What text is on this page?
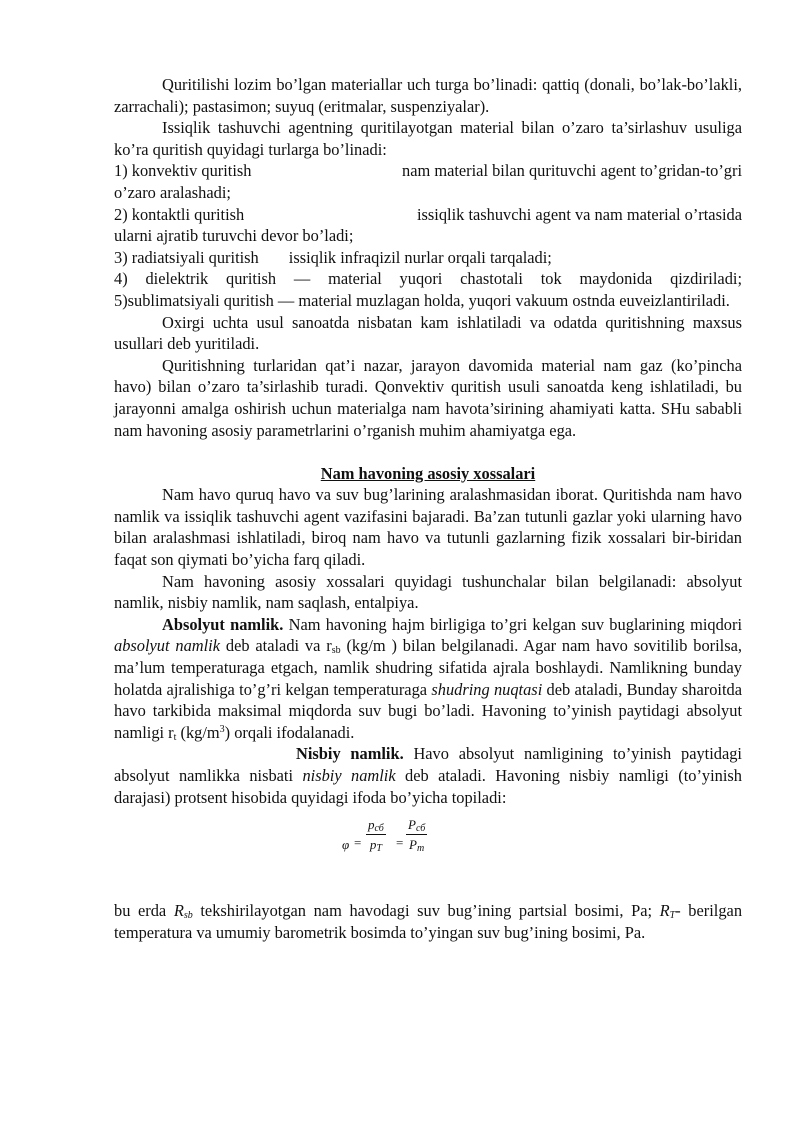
Quritilishi lozim bo’lgan materiallar uch turga bo’linadi: qattiq (donali, bo’lak-bo’lakli, zarrachali); pastasimon; suyuq (eritmalar, suspenziyalar).

Issiqlik tashuvchi agentning quritilayotgan material bilan o’zaro ta’sirlashuv usuliga ko’ra quritish quyidagi turlarga bo’linadi:

1) konvektiv quritish	nam material bilan qurituvchi agent to’gridan-to’gri
o’zaro aralashadi;
2) kontaktli quritish	issiqlik tashuvchi agent va nam material o’rtasida
ularni ajratib turuvchi devor bo’ladi;
3) radiatsiyali quritish issiqlik infraqizil nurlar orqali tarqaladi;
4) dielektrik quritish — material yuqori chastotali tok maydonida qizdiriladi;
5)sublimatsiyali quritish — material muzlagan holda, yuqori vakuum ostnda euveizlantiriladi.

Oxirgi uchta usul sanoatda nisbatan kam ishlatiladi va odatda quritishning maxsus usullari deb yuritiladi.

Quritishning turlaridan qat’i nazar, jarayon davomida material nam gaz (ko’pincha havo) bilan o’zaro ta’sirlashib turadi. Qonvektiv quritish usuli sanoatda keng ishlatiladi, bu jarayonni amalga oshirish uchun materialga nam havota’sirining ahamiyati katta. SHu sababli nam havoning asosiy parametrlarini o’rganish muhim ahamiyatga ega.

Nam havoning asosiy xossalari

Nam havo quruq havo va suv bug’larining aralashmasidan iborat. Quritishda nam havo namlik va issiqlik tashuvchi agent vazifasini bajaradi. Ba’zan tutunli gazlar yoki ularning havo bilan aralashmasi ishlatiladi, biroq nam havo va tutunli gazlarning fizik xossalari bir-biridan faqat son qiymati bo’yicha farq qiladi.

Nam havoning asosiy xossalari quyidagi tushunchalar bilan belgilanadi: absolyut namlik, nisbiy namlik, nam saqlash, entalpiya.

Absolyut namlik. Nam havoning hajm birligiga to’gri kelgan suv buglarining miqdori absolyut namlik deb ataladi va $r_{sb}$ (kg/m ) bilan belgilanadi. Agar nam havo sovitilib borilsa, ma’lum temperaturaga etgach, namlik shudring sifatida ajrala boshlaydi. Namlikning bunday holatda ajralishiga to’g’ri kelgan temperaturaga shudring nuqtasi deb ataladi, Bunday sharoitda havo tarkibida maksimal miqdorda suv bugi bo’ladi. Havoning to’yinish paytidagi absolyut namligi $r_t$ $(kg/m^3)$ orqali ifodalanadi.

Nisbiy namlik. Havo absolyut namligining to’yinish paytidagi absolyut namlikka nisbati nisbiy namlik deb ataladi. Havoning nisbiy namligi (to’yinish darajasi) protsent hisobida quyidagi ifoda bo’yicha topiladi:

φ =
$p_{сб}$
$p_T$ =
$P_{сб}$
$P_т$

bu erda $R_{sb}$ tekshirilayotgan nam havodagi suv bug’ining partsial bosimi, Pa; $R_T-$ berilgan temperatura va umumiy barometrik bosimda to’yingan suv bug’ining bosimi, Pa.
